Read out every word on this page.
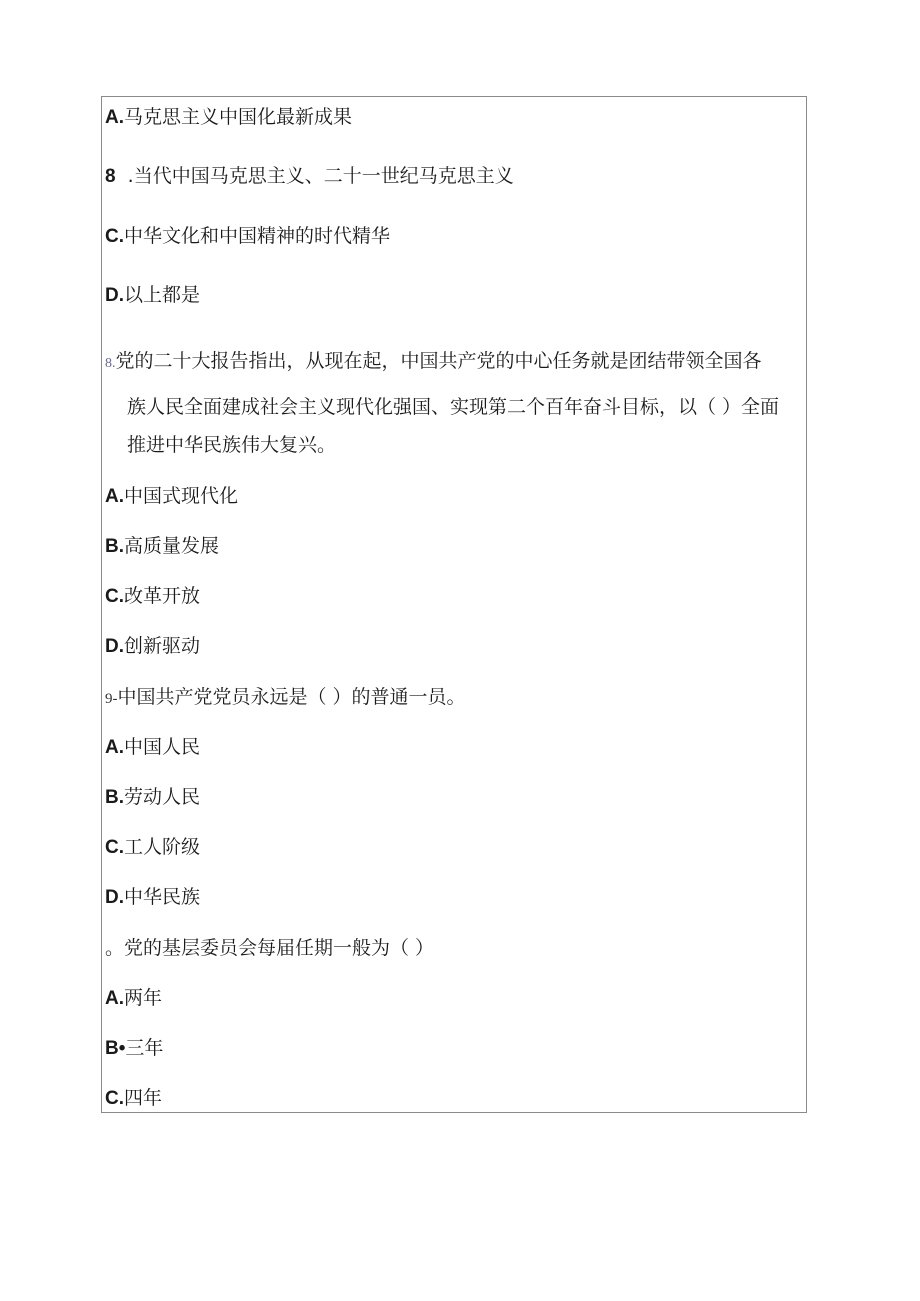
A.马克思主义中国化最新成果
8  .当代中国马克思主义、二十一世纪马克思主义
C.中华文化和中国精神的时代精华
D.以上都是
8.党的二十大报告指出，从现在起，中国共产党的中心任务就是团结带领全国各
族人民全面建成社会主义现代化强国、实现第二个百年奋斗目标，以（ ）全面
推进中华民族伟大复兴。
A.中国式现代化
B.高质量发展
C.改革开放
D.创新驱动
9-中国共产党党员永远是（ ）的普通一员。
A.中国人民
B.劳动人民
C.工人阶级
D.中华民族
。党的基层委员会每届任期一般为（ ）
A.两年
B•三年
C.四年
